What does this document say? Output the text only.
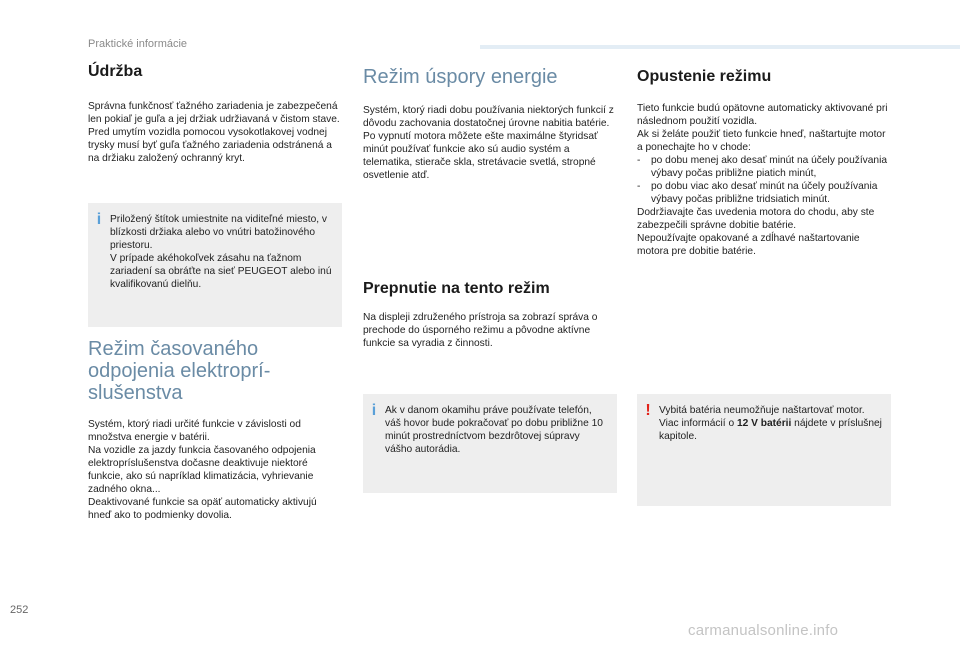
Praktické informácie
Údržba

Správna funkčnosť ťažného zariadenia je zabezpečená len pokiaľ je guľa a jej držiak udržiavaná v čistom stave.
Pred umytím vozidla pomocou vysokotlakovej vodnej trysky musí byť guľa ťažného zariadenia odstránená a na držiaku založený ochranný kryt.

i Priložený štítok umiestnite na viditeľné miesto, v blízkosti držiaka alebo vo vnútri batožinového priestoru.
V prípade akéhokoľvek zásahu na ťažnom zariadení sa obráťte na sieť PEUGEOT alebo inú kvalifikovanú dielňu.
Režim časovaného odpojenia elektropríslušenstva

Systém, ktorý riadi určité funkcie v závislosti od množstva energie v batérii.
Na vozidle za jazdy funkcia časovaného odpojenia elektropríslušenstva dočasne deaktivuje niektoré funkcie, ako sú napríklad klimatizácia, vyhrievanie zadného okna...
Deaktivované funkcie sa opäť automaticky aktivujú hneď ako to podmienky dovolia.

Režim úspory energie

Systém, ktorý riadi dobu používania niektorých funkcií z dôvodu zachovania dostatočnej úrovne nabitia batérie.
Po vypnutí motora môžete ešte maximálne štyridsať minút používať funkcie ako sú audio systém a telematika, stierače skla, stretávacie svetlá, stropné osvetlenie atď.

Prepnutie na tento režim

Na displeji združeného prístroja sa zobrazí správa o prechode do úsporného režimu a pôvodne aktívne funkcie sa vyradia z činnosti.

i Ak v danom okamihu práve používate telefón, váš hovor bude pokračovať po dobu približne 10 minút prostredníctvom bezdrôtovej súpravy vášho autorádia.

Opustenie režimu

Tieto funkcie budú opätovne automaticky aktivované pri následnom použití vozidla.
Ak si želáte použiť tieto funkcie hneď, naštartujte motor a ponechajte ho v chode:

- po dobu menej ako desať minút na účely používania výbavy počas približne piatich minút,
- po dobu viac ako desať minút na účely používania výbavy počas približne tridsiatich minút.

Dodržiavajte čas uvedenia motora do chodu, aby ste zabezpečili správne dobitie batérie.
Nepoužívajte opakované a zdĺhavé naštartovanie motora pre dobitie batérie.

! Vybitá batéria neumožňuje naštartovať motor.
Viac informácií o 12 V batérii nájdete v príslušnej kapitole.
252
carmanualsonline.info
